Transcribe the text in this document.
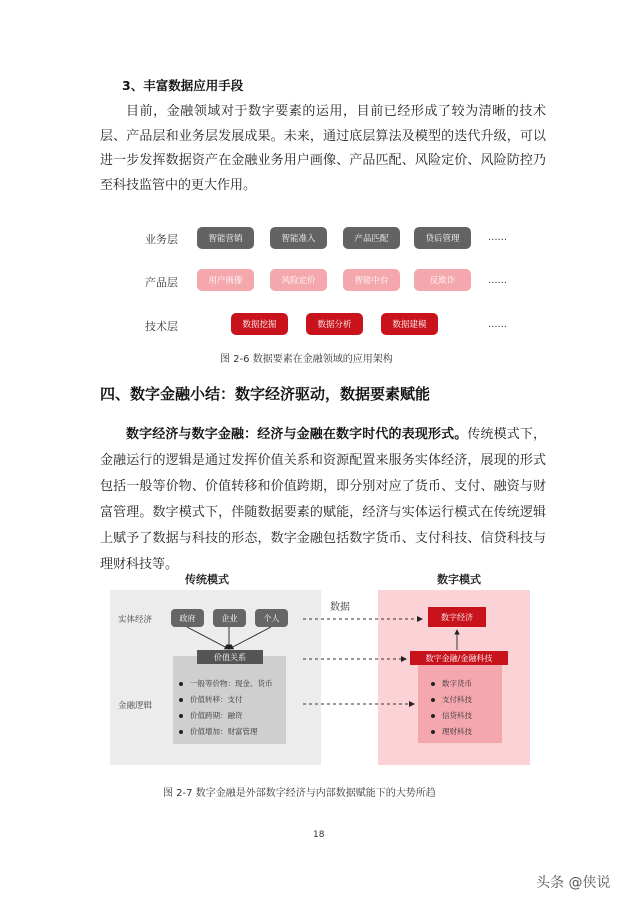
3、丰富数据应用手段

目前，金融领域对于数字要素的运用，目前已经形成了较为清晰的技术层、产品层和业务层发展成果。未来，通过底层算法及模型的迭代升级，可以进一步发挥数据资产在金融业务用户画像、产品匹配、风险定价、风险防控乃至科技监管中的更大作用。

业务层	智能营销	智能准入	产品匹配	贷后管理	......
产品层	用户画像	风险定价	智能中台	反欺诈	......
技术层	数据挖掘	数据分析	数据建模	......
图 2-6 数据要素在金融领域的应用架构
四、数字金融小结：数字经济驱动，数据要素赋能

数字经济与数字金融：经济与金融在数字时代的表现形式。传统模式下，金融运行的逻辑是通过发挥价值关系和资源配置来服务实体经济，展现的形式包括一般等价物、价值转移和价值跨期，即分别对应了货币、支付、融资与财富管理。数字模式下，伴随数据要素的赋能，经济与实体运行模式在传统逻辑上赋予了数据与科技的形态，数字金融包括数字货币、支付科技、信贷科技与理财科技等。

传统模式	数字模式
实体经济
金融逻辑
政府	企业	个人
价值关系
一般等价物：现金、货币
价值转移：支付
价值跨期：融资
价值增加：财富管理
数据
数字经济
数字金融/金融科技
数字货币
支付科技
信贷科技
理财科技
图 2-7 数字金融是外部数字经济与内部数据赋能下的大势所趋
18
头条 @侠说
